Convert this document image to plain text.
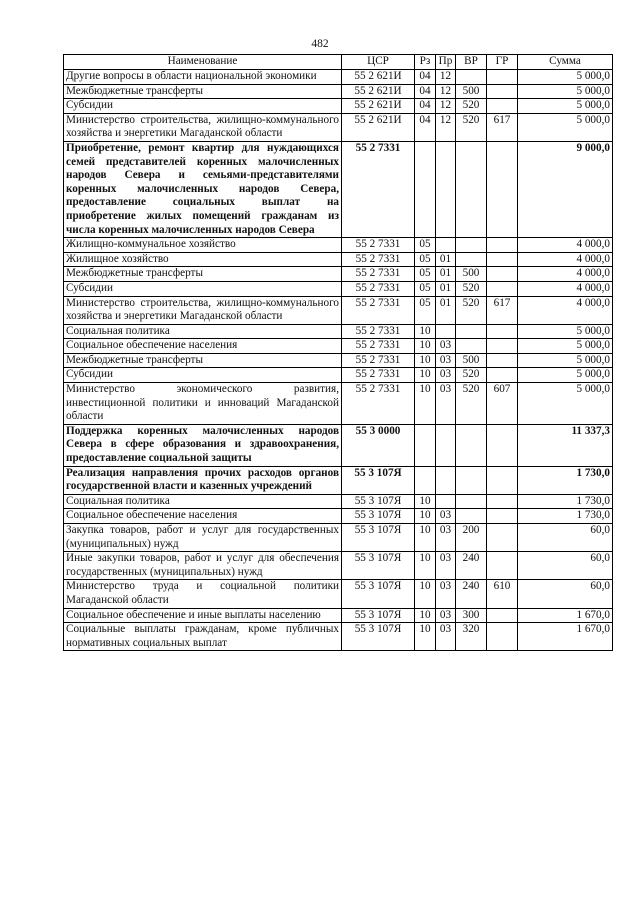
482
Наименование	ЦСР	Рз	Пр	ВР	ГР	Сумма
Другие вопросы в области национальной экономики	55 2 621И	04	12			5 000,0
Межбюджетные трансферты	55 2 621И	04	12	500		5 000,0
Субсидии	55 2 621И	04	12	520		5 000,0
Министерство строительства, жилищно-коммунального хозяйства и энергетики Магаданской области	55 2 621И	04	12	520	617	5 000,0
Приобретение, ремонт квартир для нуждающихся семей представителей коренных малочисленных народов Севера и семьями-представителями коренных малочисленных народов Севера, предоставление социальных выплат на приобретение жилых помещений гражданам из числа коренных малочисленных народов Севера	55 2 7331					9 000,0
Жилищно-коммунальное хозяйство	55 2 7331	05				4 000,0
Жилищное хозяйство	55 2 7331	05	01			4 000,0
Межбюджетные трансферты	55 2 7331	05	01	500		4 000,0
Субсидии	55 2 7331	05	01	520		4 000,0
Министерство строительства, жилищно-коммунального хозяйства и энергетики Магаданской области	55 2 7331	05	01	520	617	4 000,0
Социальная политика	55 2 7331	10				5 000,0
Социальное обеспечение населения	55 2 7331	10	03			5 000,0
Межбюджетные трансферты	55 2 7331	10	03	500		5 000,0
Субсидии	55 2 7331	10	03	520		5 000,0
Министерство экономического развития, инвестиционной политики и инноваций Магаданской области	55 2 7331	10	03	520	607	5 000,0
Поддержка коренных малочисленных народов Севера в сфере образования и здравоохранения, предоставление социальной защиты	55 3 0000					11 337,3
Реализация направления прочих расходов органов государственной власти и казенных учреждений	55 3 107Я					1 730,0
Социальная политика	55 3 107Я	10				1 730,0
Социальное обеспечение населения	55 3 107Я	10	03			1 730,0
Закупка товаров, работ и услуг для государственных (муниципальных) нужд	55 3 107Я	10	03	200		60,0
Иные закупки товаров, работ и услуг для обеспечения государственных (муниципальных) нужд	55 3 107Я	10	03	240		60,0
Министерство труда и социальной политики Магаданской области	55 3 107Я	10	03	240	610	60,0
Социальное обеспечение и иные выплаты населению	55 3 107Я	10	03	300		1 670,0
Социальные выплаты гражданам, кроме публичных нормативных социальных выплат	55 3 107Я	10	03	320		1 670,0
